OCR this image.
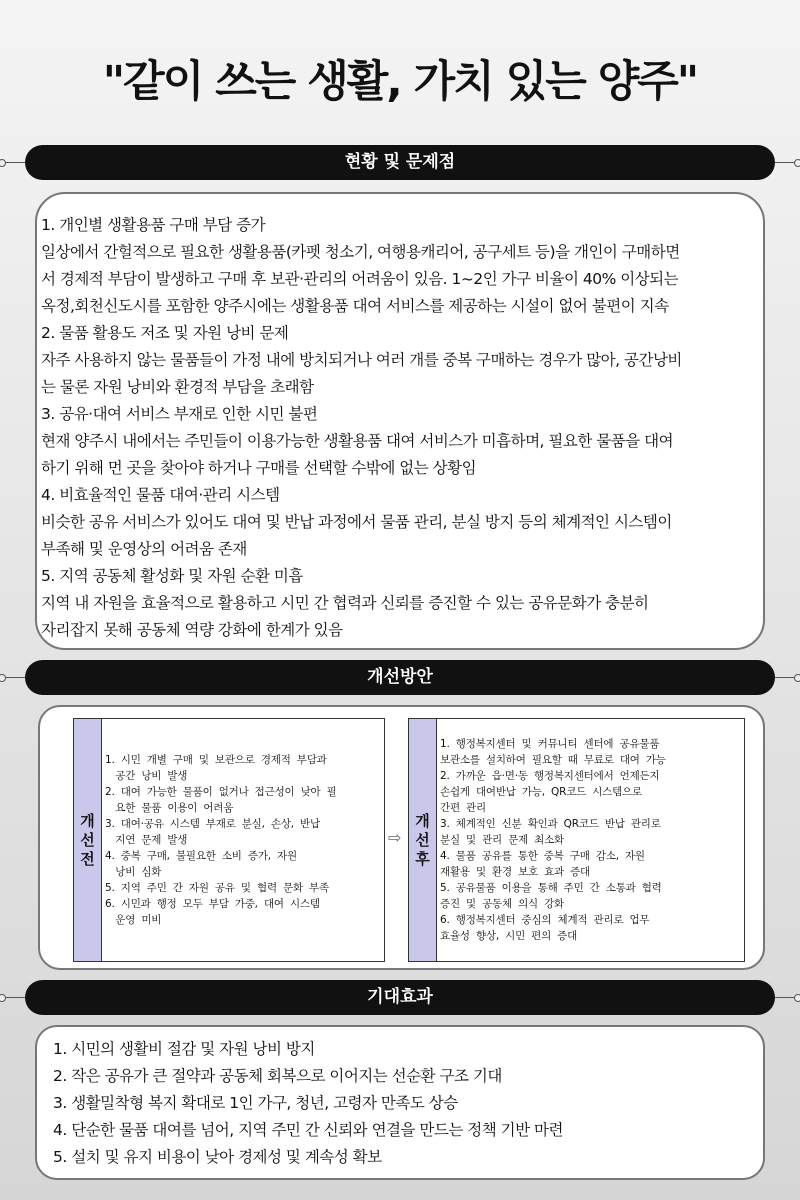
"같이 쓰는 생활, 가치 있는 양주"
현황 및 문제점
1. 개인별 생활용품 구매 부담 증가
일상에서 간헐적으로 필요한 생활용품(카펫 청소기, 여행용캐리어, 공구세트 등)을 개인이 구매하면
서 경제적 부담이 발생하고 구매 후 보관·관리의 어려움이 있음. 1~2인 가구 비율이 40% 이상되는
옥정,회천신도시를 포함한 양주시에는 생활용품 대여 서비스를 제공하는 시설이 없어 불편이 지속
2. 물품 활용도 저조 및 자원 낭비 문제
자주 사용하지 않는 물품들이 가정 내에 방치되거나 여러 개를 중복 구매하는 경우가 많아, 공간낭비
는 물론 자원 낭비와 환경적 부담을 초래함
3. 공유·대여 서비스 부재로 인한 시민 불편
현재 양주시 내에서는 주민들이 이용가능한 생활용품 대여 서비스가 미흡하며, 필요한 물품을 대여
하기 위해 먼 곳을 찾아야 하거나 구매를 선택할 수밖에 없는 상황임
4. 비효율적인 물품 대여·관리 시스템
비슷한 공유 서비스가 있어도 대여 및 반납 과정에서 물품 관리, 분실 방지 등의 체계적인 시스템이
부족해 및 운영상의 어려움 존재
5. 지역 공동체 활성화 및 자원 순환 미흡
지역 내 자원을 효율적으로 활용하고 시민 간 협력과 신뢰를 증진할 수 있는 공유문화가 충분히
자리잡지 못해 공동체 역량 강화에 한계가 있음
개선방안
개
선
전
1. 시민 개별 구매 및 보관으로 경제적 부담과
　공간 낭비 발생
2. 대여 가능한 물품이 없거나 접근성이 낮아 필
　요한 물품 이용이 어려움
3. 대여·공유 시스템 부재로 분실, 손상, 반납
　지연 문제 발생
4. 중복 구매, 불필요한 소비 증가, 자원
　낭비 심화
5. 지역 주민 간 자원 공유 및 협력 문화 부족
6. 시민과 행정 모두 부담 가중, 대여 시스템
　운영 미비
⇨
개
선
후
1. 행정복지센터 및 커뮤니티 센터에 공유물품
보관소를 설치하여 필요할 때 무료로 대여 가능
2. 가까운 읍·면·동 행정복지센터에서 언제든지
손쉽게 대여반납 가능, QR코드 시스템으로
간편 관리
3. 체계적인 신분 확인과 QR코드 반납 관리로
분실 및 관리 문제 최소화
4. 물품 공유를 통한 중복 구매 감소, 자원
재활용 및 환경 보호 효과 증대
5. 공유물품 이용을 통해 주민 간 소통과 협력
증진 및 공동체 의식 강화
6. 행정복지센터 중심의 체계적 관리로 업무
효율성 향상, 시민 편의 증대
기대효과
1. 시민의 생활비 절감 및 자원 낭비 방지
2. 작은 공유가 큰 절약과 공동체 회복으로 이어지는 선순환 구조 기대
3. 생활밀착형 복지 확대로 1인 가구, 청년, 고령자 만족도 상승
4. 단순한 물품 대여를 넘어, 지역 주민 간 신뢰와 연결을 만드는 정책 기반 마련
5. 설치 및 유지 비용이 낮아 경제성 및 계속성 확보
